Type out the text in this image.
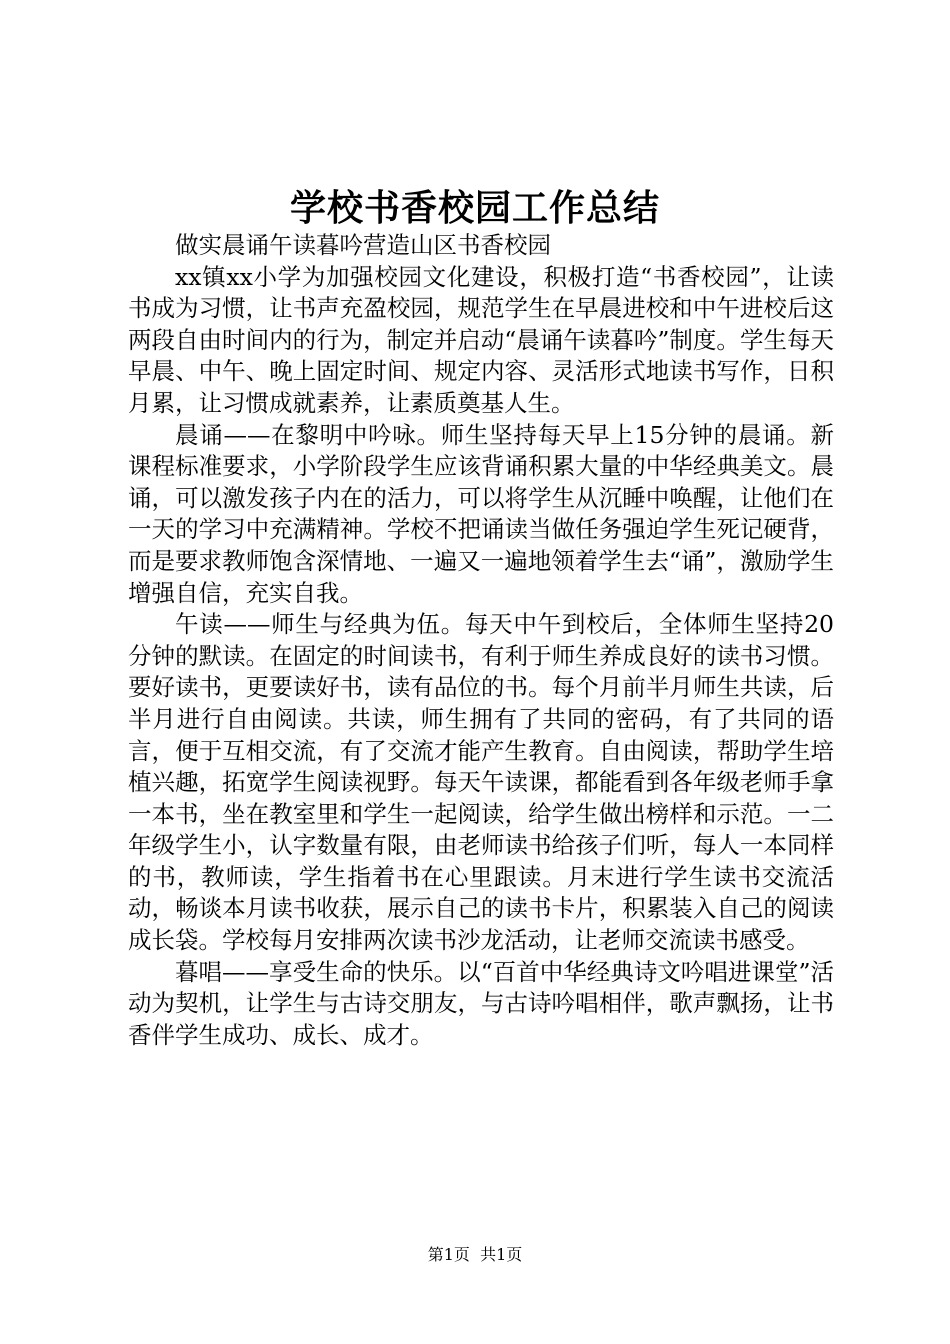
学校书香校园工作总结

做实晨诵午读暮吟营造山区书香校园

xx镇xx小学为加强校园文化建设，积极打造“书香校园”，让读书成为习惯，让书声充盈校园，规范学生在早晨进校和中午进校后这两段自由时间内的行为，制定并启动“晨诵午读暮吟”制度。学生每天早晨、中午、晚上固定时间、规定内容、灵活形式地读书写作，日积月累，让习惯成就素养，让素质奠基人生。

晨诵——在黎明中吟咏。师生坚持每天早上15分钟的晨诵。新课程标准要求，小学阶段学生应该背诵积累大量的中华经典美文。晨诵，可以激发孩子内在的活力，可以将学生从沉睡中唤醒，让他们在一天的学习中充满精神。学校不把诵读当做任务强迫学生死记硬背，而是要求教师饱含深情地、一遍又一遍地领着学生去“诵”，激励学生增强自信，充实自我。

午读——师生与经典为伍。每天中午到校后，全体师生坚持20分钟的默读。在固定的时间读书，有利于师生养成良好的读书习惯。要好读书，更要读好书，读有品位的书。每个月前半月师生共读，后半月进行自由阅读。共读，师生拥有了共同的密码，有了共同的语言，便于互相交流，有了交流才能产生教育。自由阅读，帮助学生培植兴趣，拓宽学生阅读视野。每天午读课，都能看到各年级老师手拿一本书，坐在教室里和学生一起阅读，给学生做出榜样和示范。一二年级学生小，认字数量有限，由老师读书给孩子们听，每人一本同样的书，教师读，学生指着书在心里跟读。月末进行学生读书交流活动，畅谈本月读书收获，展示自己的读书卡片，积累装入自己的阅读成长袋。学校每月安排两次读书沙龙活动，让老师交流读书感受。

暮唱——享受生命的快乐。以“百首中华经典诗文吟唱进课堂”活动为契机，让学生与古诗交朋友，与古诗吟唱相伴，歌声飘扬，让书香伴学生成功、成长、成才。

第1页 共1页
